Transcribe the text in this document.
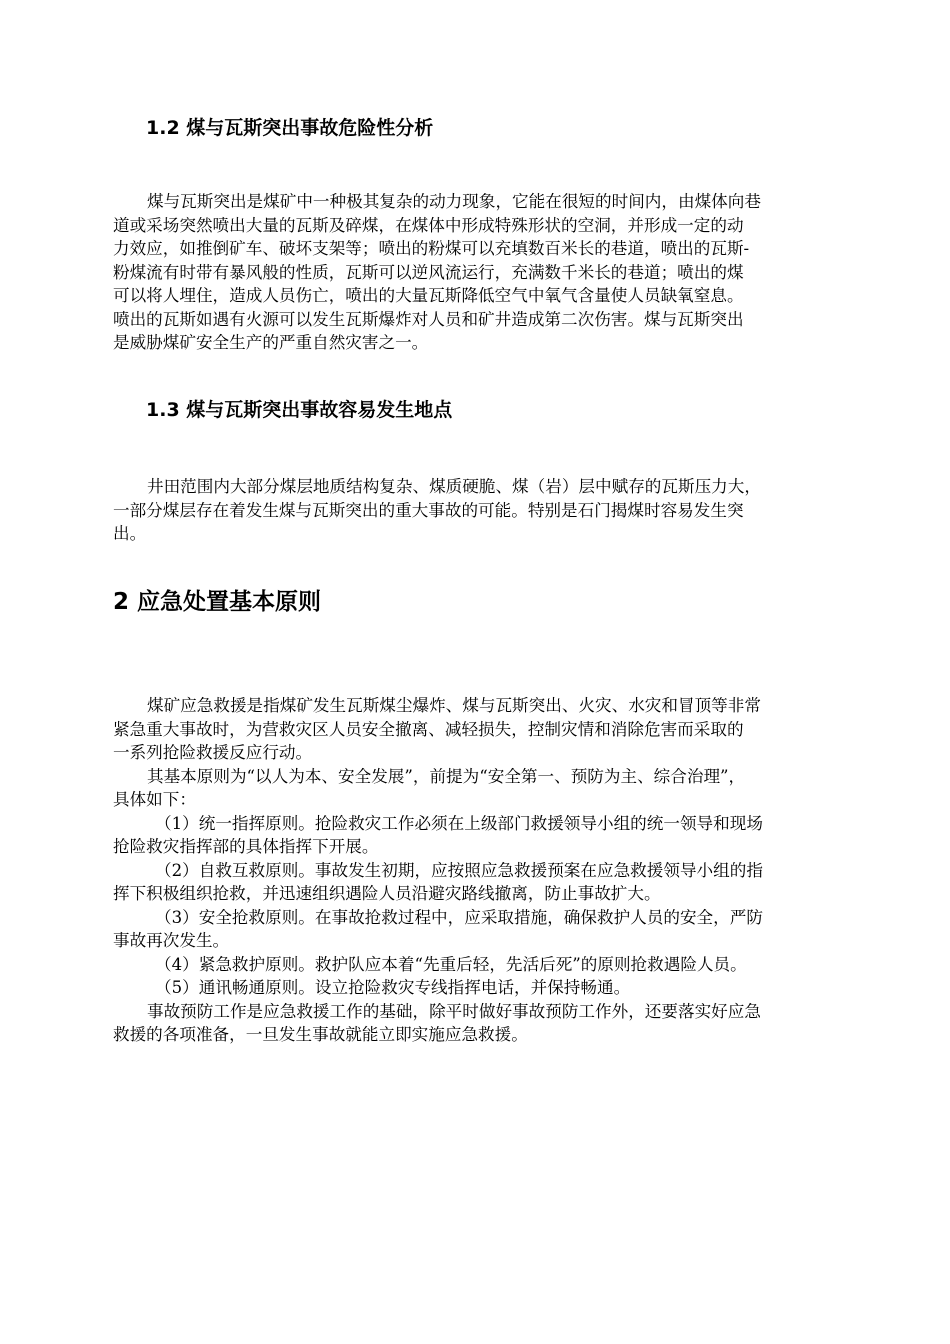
1.2 煤与瓦斯突出事故危险性分析
煤与瓦斯突出是煤矿中一种极其复杂的动力现象，它能在很短的时间内，由煤体向巷
道或采场突然喷出大量的瓦斯及碎煤，在煤体中形成特殊形状的空洞，并形成一定的动
力效应，如推倒矿车、破坏支架等；喷出的粉煤可以充填数百米长的巷道，喷出的瓦斯-
粉煤流有时带有暴风般的性质，瓦斯可以逆风流运行，充满数千米长的巷道；喷出的煤
可以将人埋住，造成人员伤亡，喷出的大量瓦斯降低空气中氧气含量使人员缺氧窒息。
喷出的瓦斯如遇有火源可以发生瓦斯爆炸对人员和矿井造成第二次伤害。煤与瓦斯突出
是威胁煤矿安全生产的严重自然灾害之一。
1.3 煤与瓦斯突出事故容易发生地点
井田范围内大部分煤层地质结构复杂、煤质硬脆、煤（岩）层中赋存的瓦斯压力大，
一部分煤层存在着发生煤与瓦斯突出的重大事故的可能。特别是石门揭煤时容易发生突
出。
2 应急处置基本原则
煤矿应急救援是指煤矿发生瓦斯煤尘爆炸、煤与瓦斯突出、火灾、水灾和冒顶等非常
紧急重大事故时，为营救灾区人员安全撤离、减轻损失，控制灾情和消除危害而采取的
一系列抢险救援反应行动。
其基本原则为“以人为本、安全发展”，前提为“安全第一、预防为主、综合治理”，
具体如下：
（1）统一指挥原则。抢险救灾工作必须在上级部门救援领导小组的统一领导和现场
抢险救灾指挥部的具体指挥下开展。
（2）自救互救原则。事故发生初期，应按照应急救援预案在应急救援领导小组的指
挥下积极组织抢救，并迅速组织遇险人员沿避灾路线撤离，防止事故扩大。
（3）安全抢救原则。在事故抢救过程中，应采取措施，确保救护人员的安全，严防
事故再次发生。
（4）紧急救护原则。救护队应本着“先重后轻，先活后死”的原则抢救遇险人员。
（5）通讯畅通原则。设立抢险救灾专线指挥电话，并保持畅通。
事故预防工作是应急救援工作的基础，除平时做好事故预防工作外，还要落实好应急
救援的各项准备，一旦发生事故就能立即实施应急救援。
